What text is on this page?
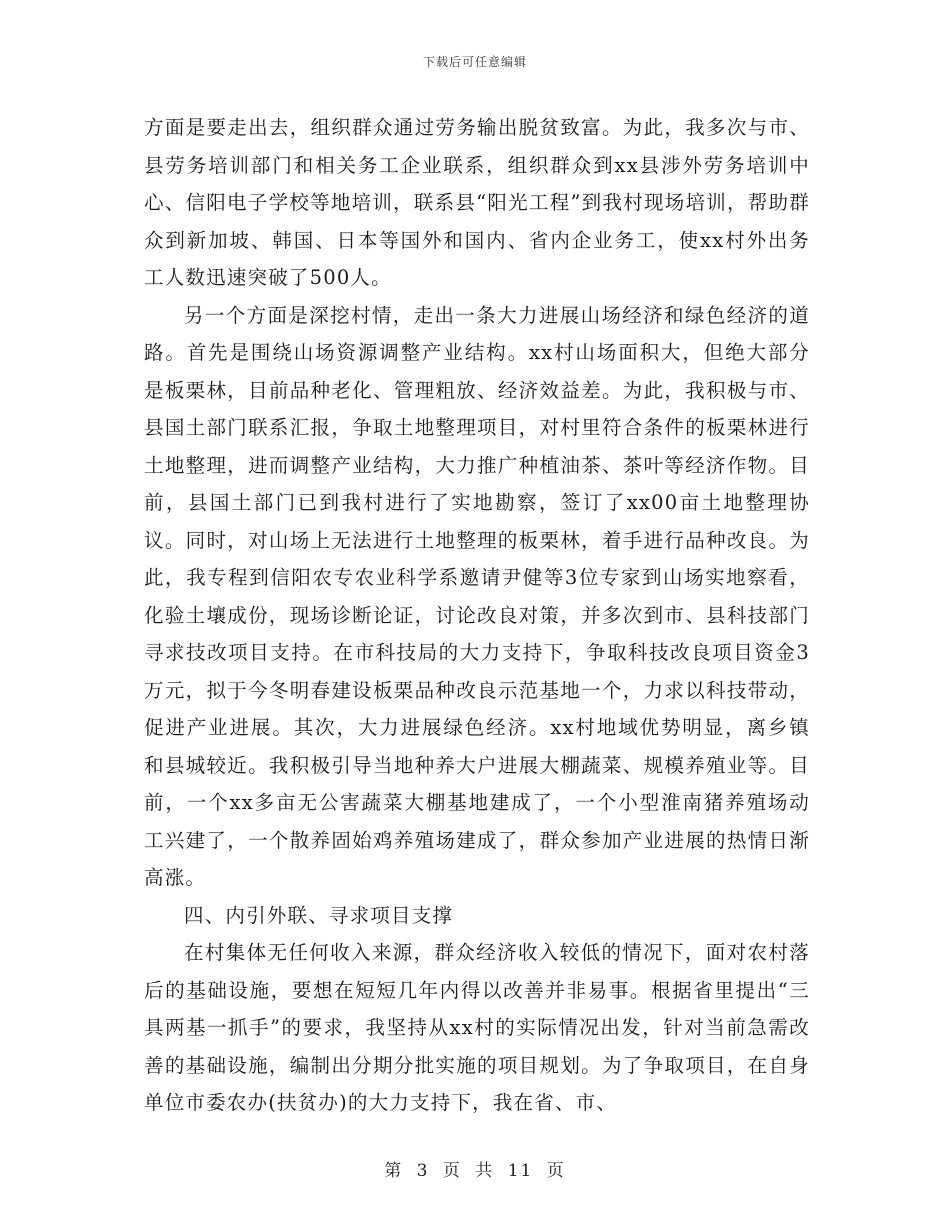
下载后可任意编辑

方面是要走出去，组织群众通过劳务输出脱贫致富。为此，我多次与市、县劳务培训部门和相关务工企业联系，组织群众到xx县涉外劳务培训中心、信阳电子学校等地培训，联系县“阳光工程”到我村现场培训，帮助群众到新加坡、韩国、日本等国外和国内、省内企业务工，使xx村外出务工人数迅速突破了500人。

另一个方面是深挖村情，走出一条大力进展山场经济和绿色经济的道路。首先是围绕山场资源调整产业结构。xx村山场面积大，但绝大部分是板栗林，目前品种老化、管理粗放、经济效益差。为此，我积极与市、县国土部门联系汇报，争取土地整理项目，对村里符合条件的板栗林进行土地整理，进而调整产业结构，大力推广种植油茶、茶叶等经济作物。目前，县国土部门已到我村进行了实地勘察，签订了xx00亩土地整理协议。同时，对山场上无法进行土地整理的板栗林，着手进行品种改良。为此，我专程到信阳农专农业科学系邀请尹健等3位专家到山场实地察看，化验土壤成份，现场诊断论证，讨论改良对策，并多次到市、县科技部门寻求技改项目支持。在市科技局的大力支持下，争取科技改良项目资金3万元，拟于今冬明春建设板栗品种改良示范基地一个，力求以科技带动，促进产业进展。其次，大力进展绿色经济。xx村地域优势明显，离乡镇和县城较近。我积极引导当地种养大户进展大棚蔬菜、规模养殖业等。目前，一个xx多亩无公害蔬菜大棚基地建成了，一个小型淮南猪养殖场动工兴建了，一个散养固始鸡养殖场建成了，群众参加产业进展的热情日渐高涨。

四、内引外联、寻求项目支撑

在村集体无任何收入来源，群众经济收入较低的情况下，面对农村落后的基础设施，要想在短短几年内得以改善并非易事。根据省里提出“三具两基一抓手”的要求，我坚持从xx村的实际情况出发，针对当前急需改善的基础设施，编制出分期分批实施的项目规划。为了争取项目，在自身单位市委农办(扶贫办)的大力支持下，我在省、市、

第 3 页 共 11 页
